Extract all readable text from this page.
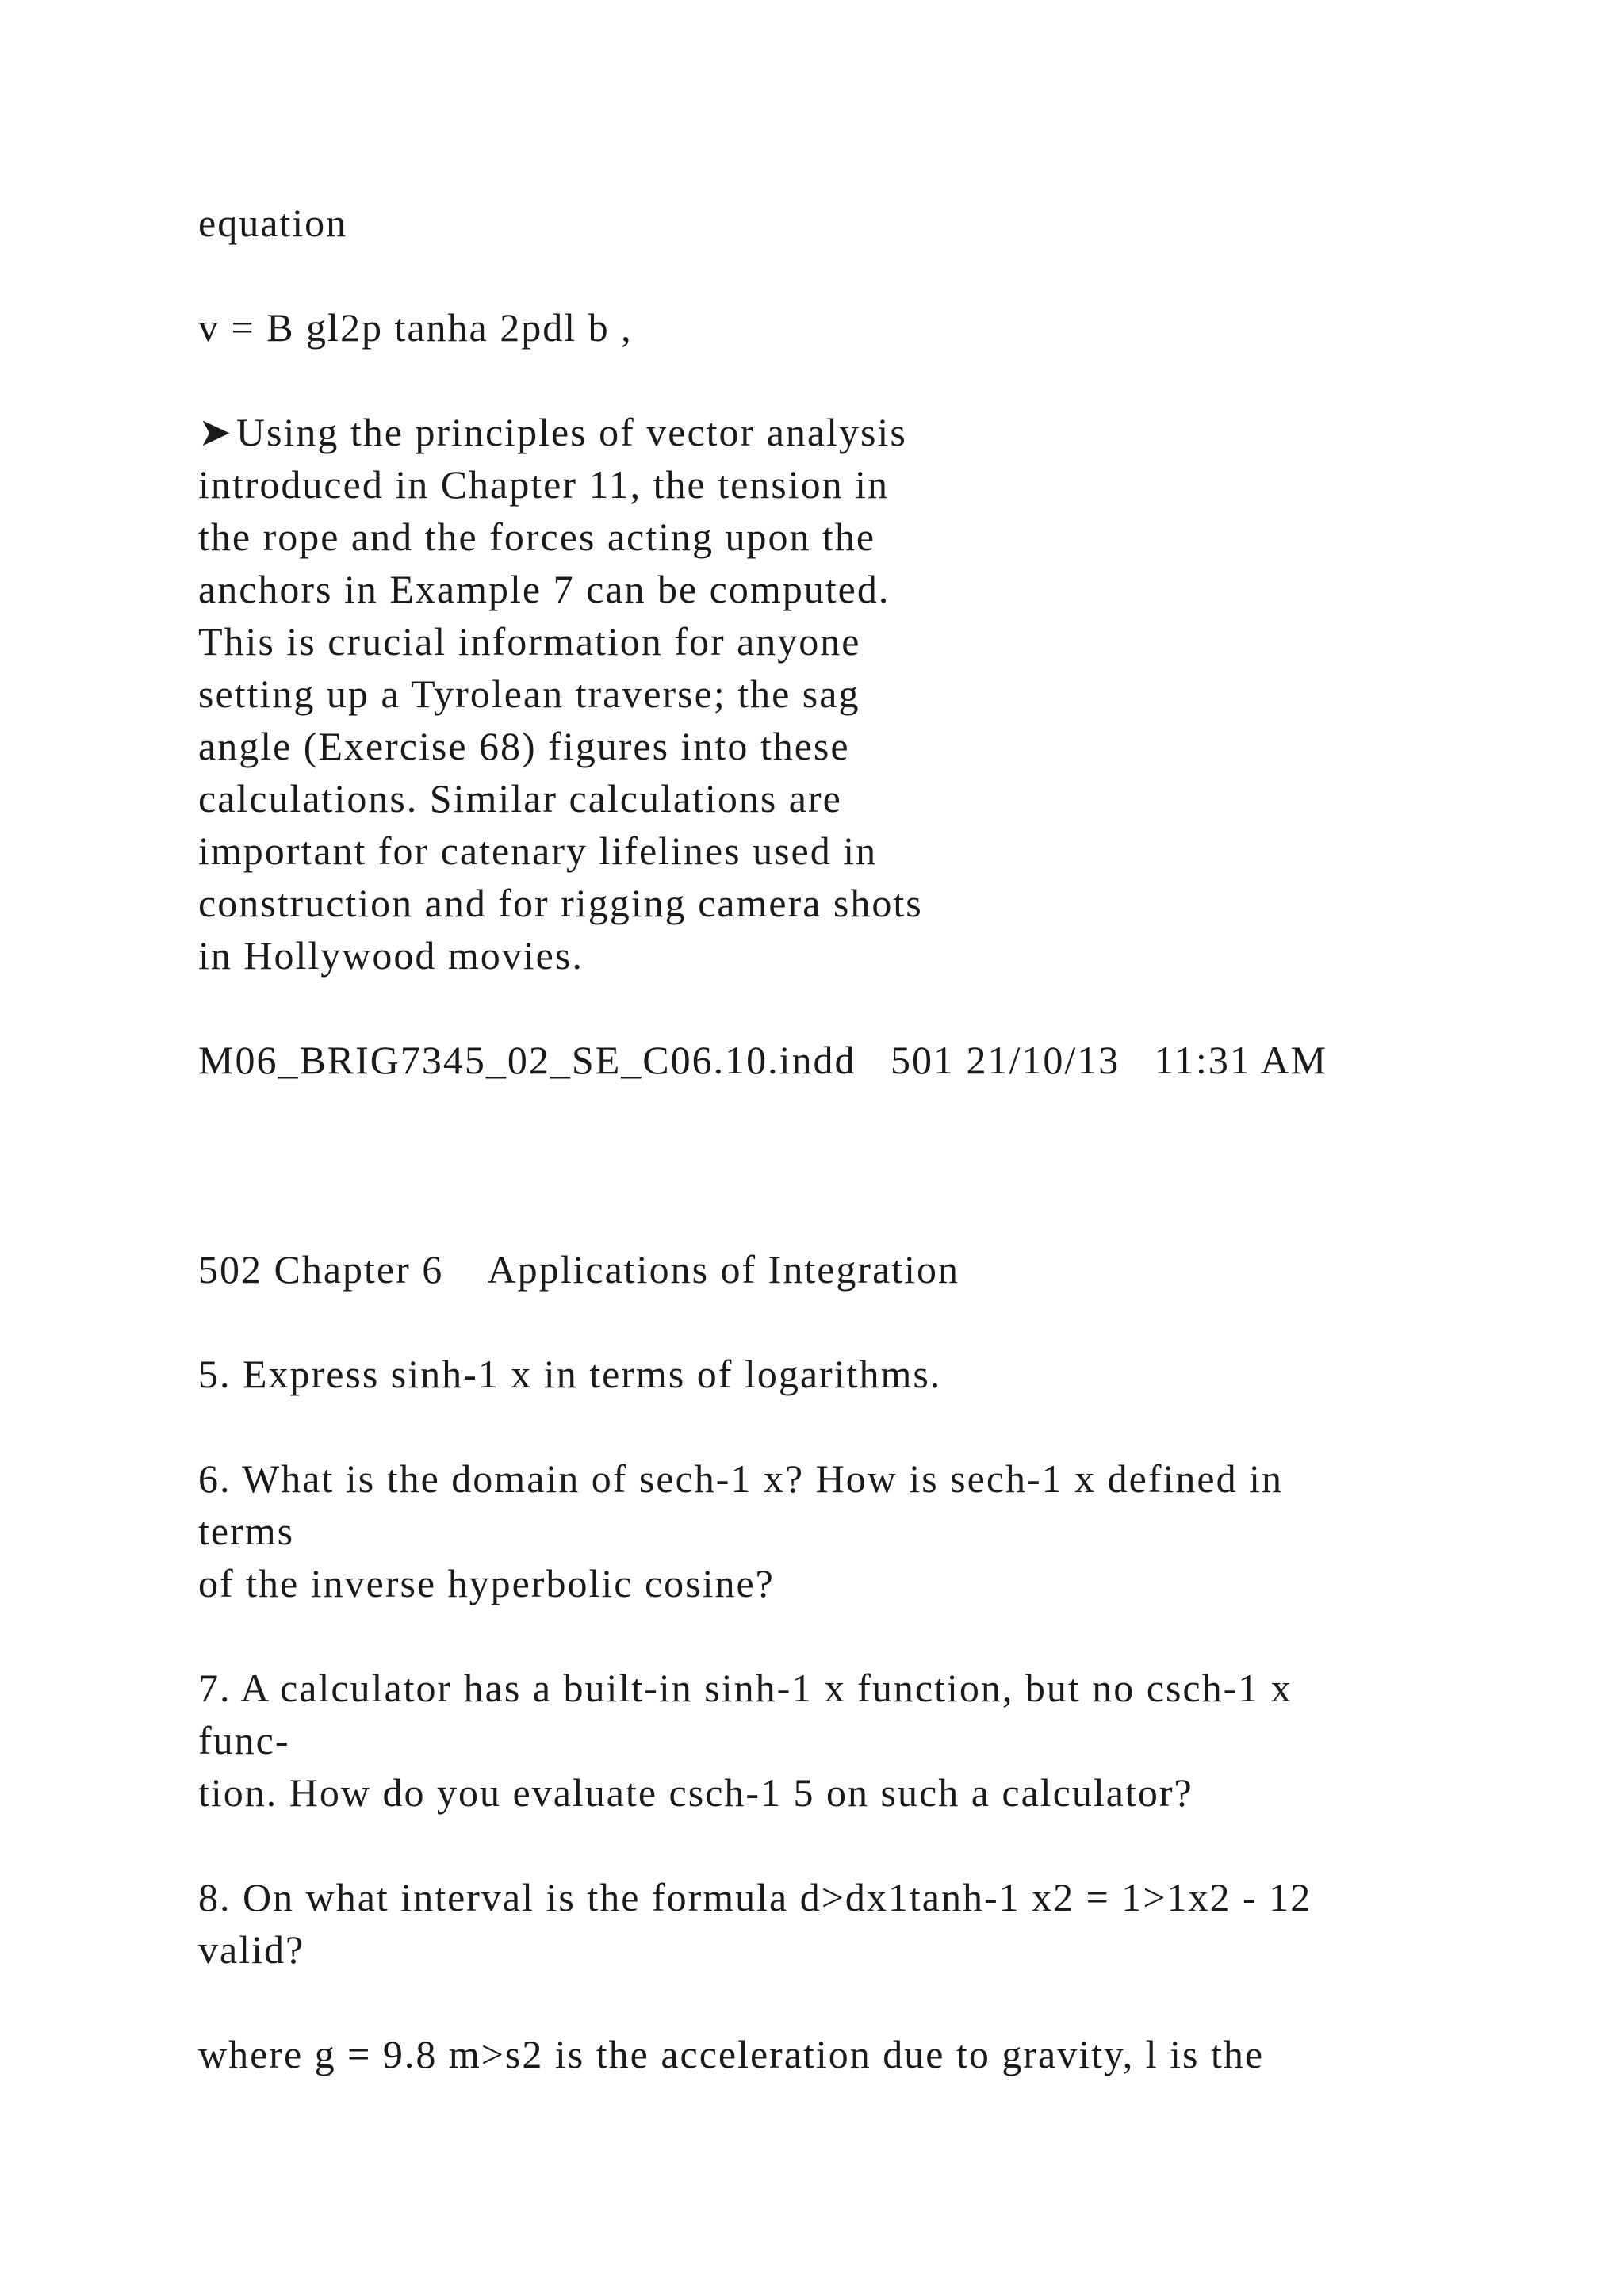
equation

v = B gl2p tanha 2pdl b ,

➤Using the principles of vector analysis

introduced in Chapter 11, the tension in

the rope and the forces acting upon the

anchors in Example 7 can be computed.

This is crucial information for anyone

setting up a Tyrolean traverse; the sag

angle (Exercise 68) figures into these

calculations. Similar calculations are

important for catenary lifelines used in

construction and for rigging camera shots

in Hollywood movies.

M06_BRIG7345_02_SE_C06.10.indd   501 21/10/13   11:31 AM

502 Chapter 6    Applications of Integration

5. Express sinh-1 x in terms of logarithms.

6. What is the domain of sech-1 x? How is sech-1 x defined in

terms

of the inverse hyperbolic cosine?

7. A calculator has a built-in sinh-1 x function, but no csch-1 x

func-

tion. How do you evaluate csch-1 5 on such a calculator?

8. On what interval is the formula d>dx1tanh-1 x2 = 1>1x2 - 12

valid?

where g = 9.8 m>s2 is the acceleration due to gravity, l is the
